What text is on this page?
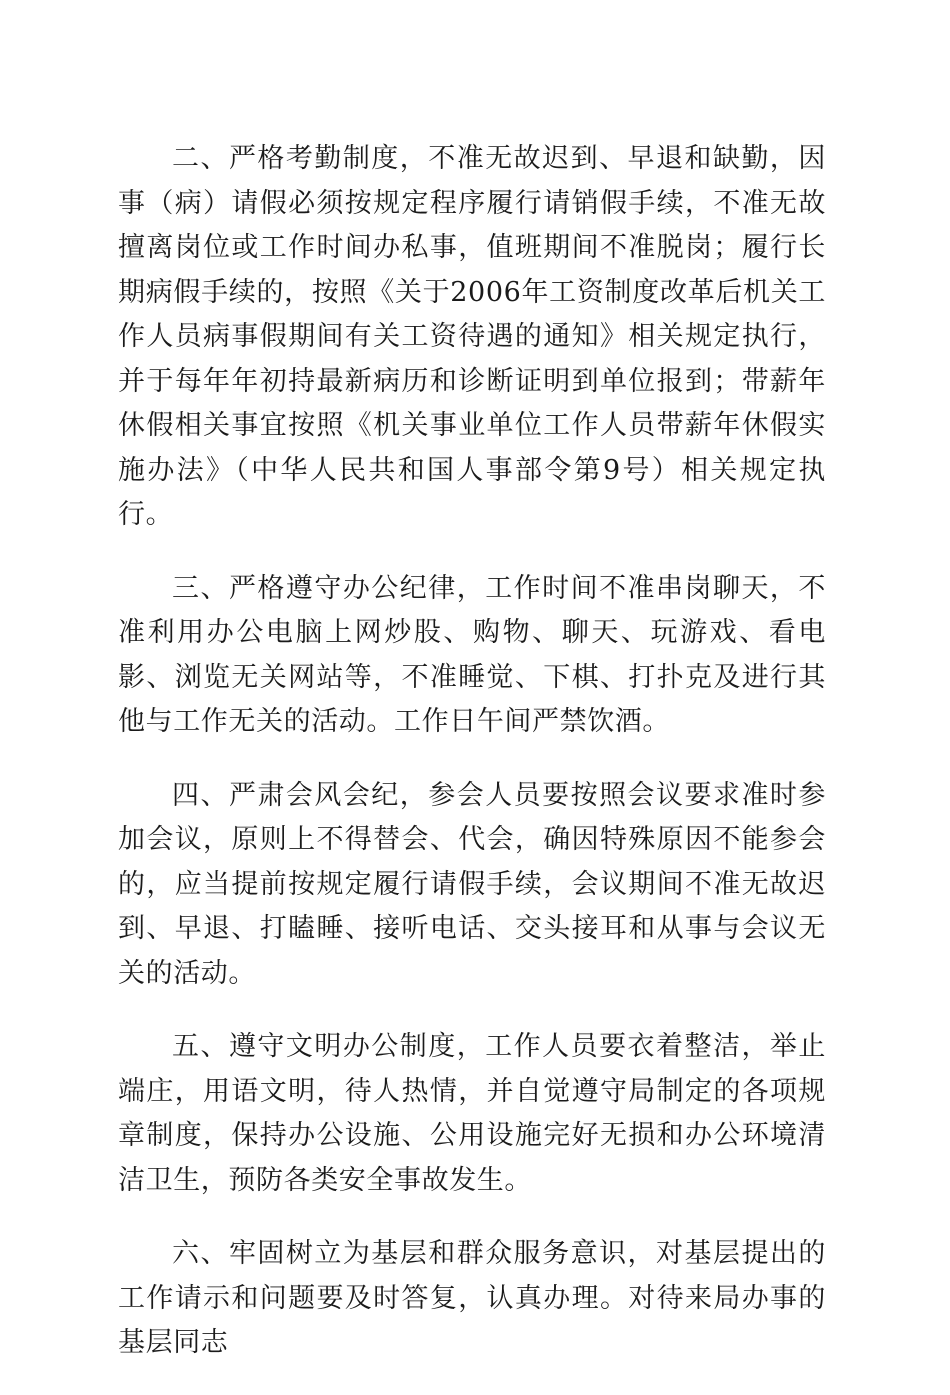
二、严格考勤制度，不准无故迟到、早退和缺勤，因事（病）请假必须按规定程序履行请销假手续，不准无故擅离岗位或工作时间办私事，值班期间不准脱岗；履行长期病假手续的，按照《关于2006年工资制度改革后机关工作人员病事假期间有关工资待遇的通知》相关规定执行，并于每年年初持最新病历和诊断证明到单位报到；带薪年休假相关事宜按照《机关事业单位工作人员带薪年休假实施办法》（中华人民共和国人事部令第9号）相关规定执行。

三、严格遵守办公纪律，工作时间不准串岗聊天，不准利用办公电脑上网炒股、购物、聊天、玩游戏、看电影、浏览无关网站等，不准睡觉、下棋、打扑克及进行其他与工作无关的活动。工作日午间严禁饮酒。

四、严肃会风会纪，参会人员要按照会议要求准时参加会议，原则上不得替会、代会，确因特殊原因不能参会的，应当提前按规定履行请假手续，会议期间不准无故迟到、早退、打瞌睡、接听电话、交头接耳和从事与会议无关的活动。

五、遵守文明办公制度，工作人员要衣着整洁，举止端庄，用语文明，待人热情，并自觉遵守局制定的各项规章制度，保持办公设施、公用设施完好无损和办公环境清洁卫生，预防各类安全事故发生。

六、牢固树立为基层和群众服务意识，对基层提出的工作请示和问题要及时答复，认真办理。对待来局办事的基层同志
